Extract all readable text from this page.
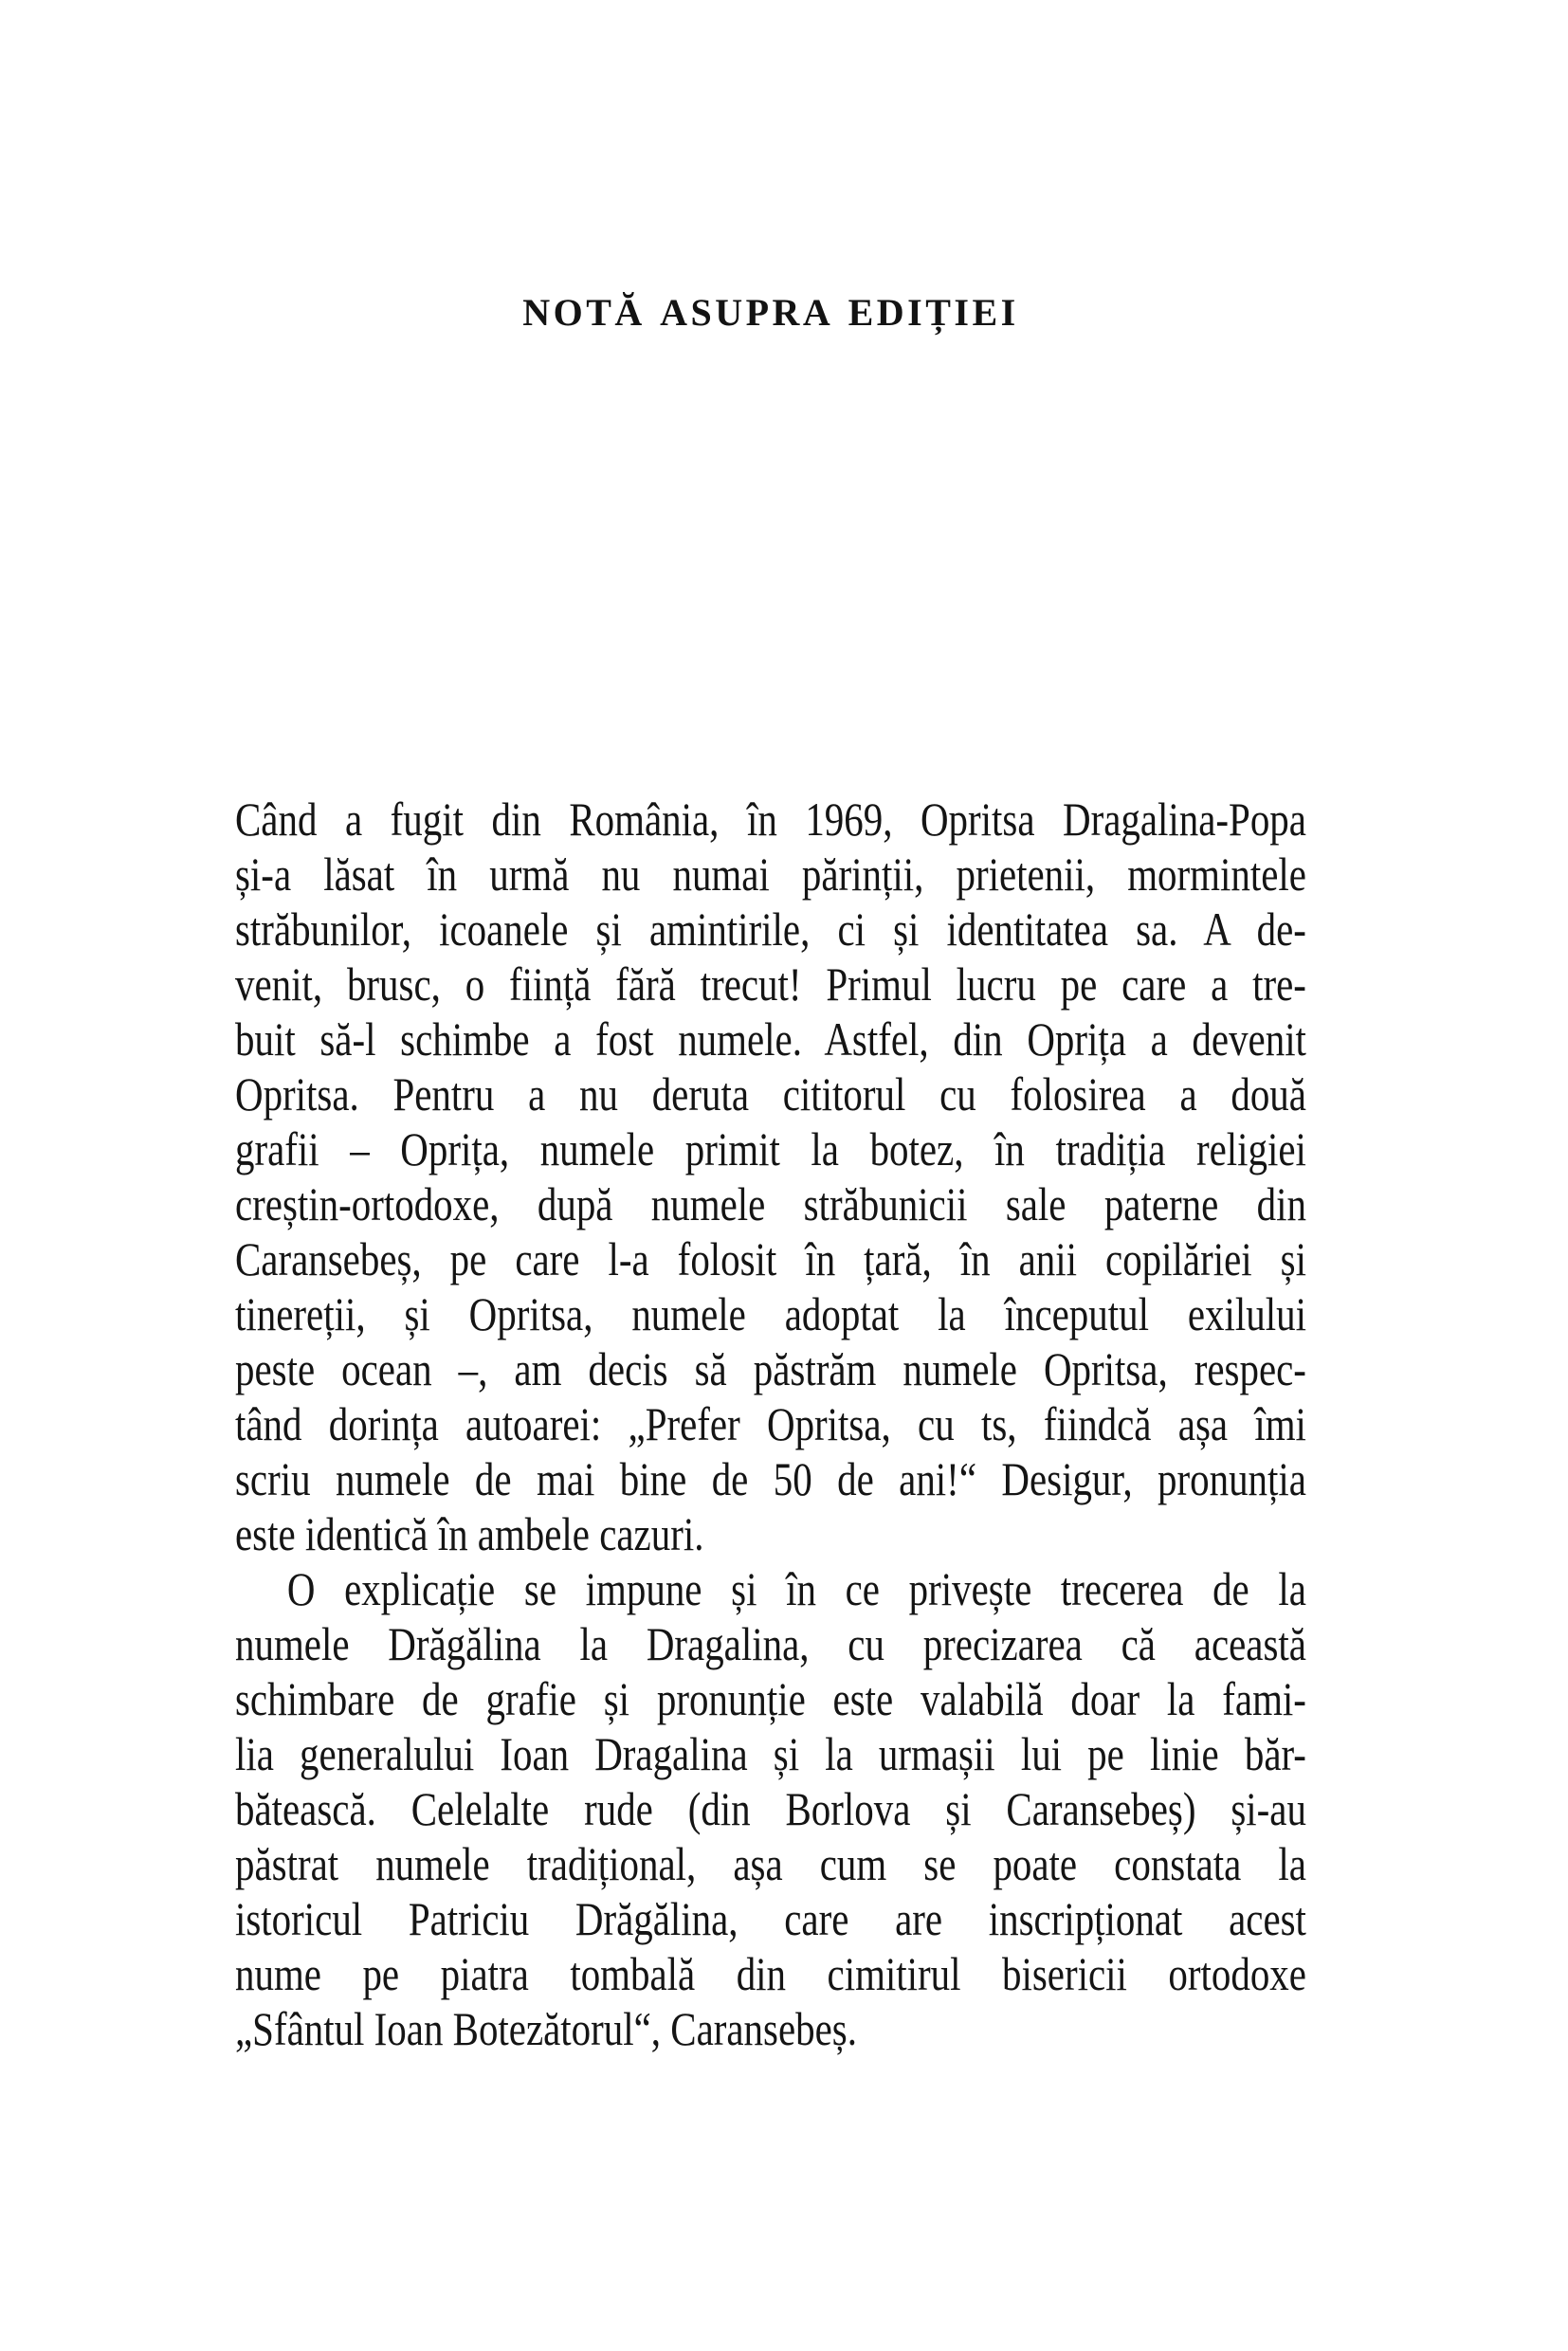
NOTĂ ASUPRA EDIȚIEI
Când a fugit din România, în 1969, Opritsa Dragalina-Popa
și-a lăsat în urmă nu numai părinții, prietenii, mormintele
străbunilor, icoanele și amintirile, ci și identitatea sa. A de-
venit, brusc, o ființă fără trecut! Primul lucru pe care a tre-
buit să-l schimbe a fost numele. Astfel, din Oprița a devenit
Opritsa. Pentru a nu deruta cititorul cu folosirea a două
grafii – Oprița, numele primit la botez, în tradiția religiei
creștin-ortodoxe, după numele străbunicii sale paterne din
Caransebeș, pe care l-a folosit în țară, în anii copilăriei și
tinereții, și Opritsa, numele adoptat la începutul exilului
peste ocean –, am decis să păstrăm numele Opritsa, respec-
tând dorința autoarei: „Prefer Opritsa, cu ts, fiindcă așa îmi
scriu numele de mai bine de 50 de ani!“ Desigur, pronunția
este identică în ambele cazuri.
O explicație se impune și în ce privește trecerea de la
numele Drăgălina la Dragalina, cu precizarea că această
schimbare de grafie și pronunție este valabilă doar la fami-
lia generalului Ioan Dragalina și la urmașii lui pe linie băr-
bătească. Celelalte rude (din Borlova și Caransebeș) și-au
păstrat numele tradițional, așa cum se poate constata la
istoricul Patriciu Drăgălina, care are inscripționat acest
nume pe piatra tombală din cimitirul bisericii ortodoxe
„Sfântul Ioan Botezătorul“, Caransebeș.
